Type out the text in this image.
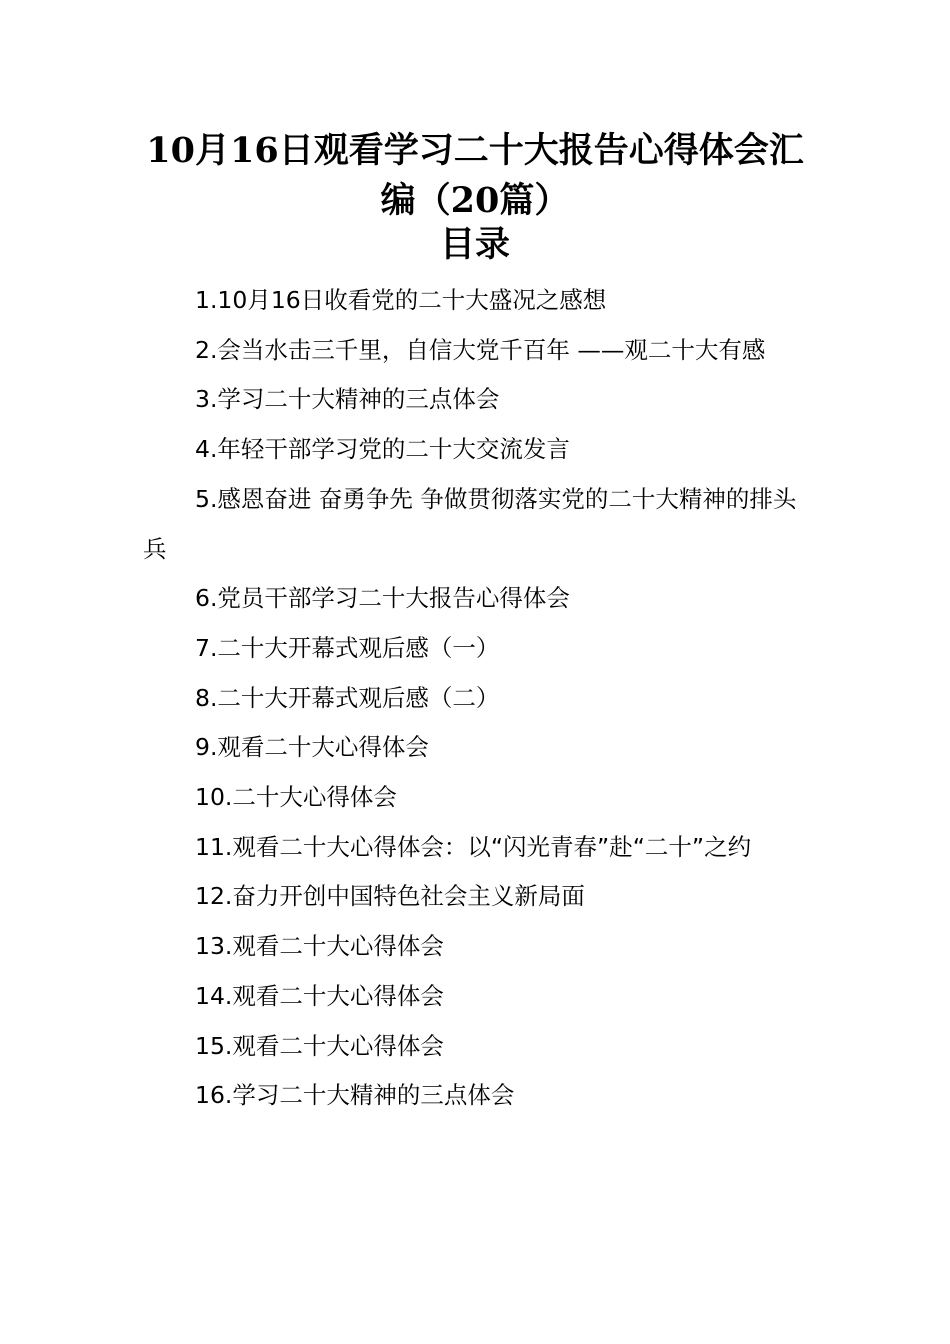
10月16日观看学习二十大报告心得体会汇编（20篇）
目录
1.10月16日收看党的二十大盛况之感想
2.会当水击三千里，自信大党千百年 ——观二十大有感
3.学习二十大精神的三点体会
4.年轻干部学习党的二十大交流发言
5.感恩奋进 奋勇争先 争做贯彻落实党的二十大精神的排头兵
6.党员干部学习二十大报告心得体会
7.二十大开幕式观后感（一）
8.二十大开幕式观后感（二）
9.观看二十大心得体会
10.二十大心得体会
11.观看二十大心得体会：以“闪光青春”赴“二十”之约
12.奋力开创中国特色社会主义新局面
13.观看二十大心得体会
14.观看二十大心得体会
15.观看二十大心得体会
16.学习二十大精神的三点体会
